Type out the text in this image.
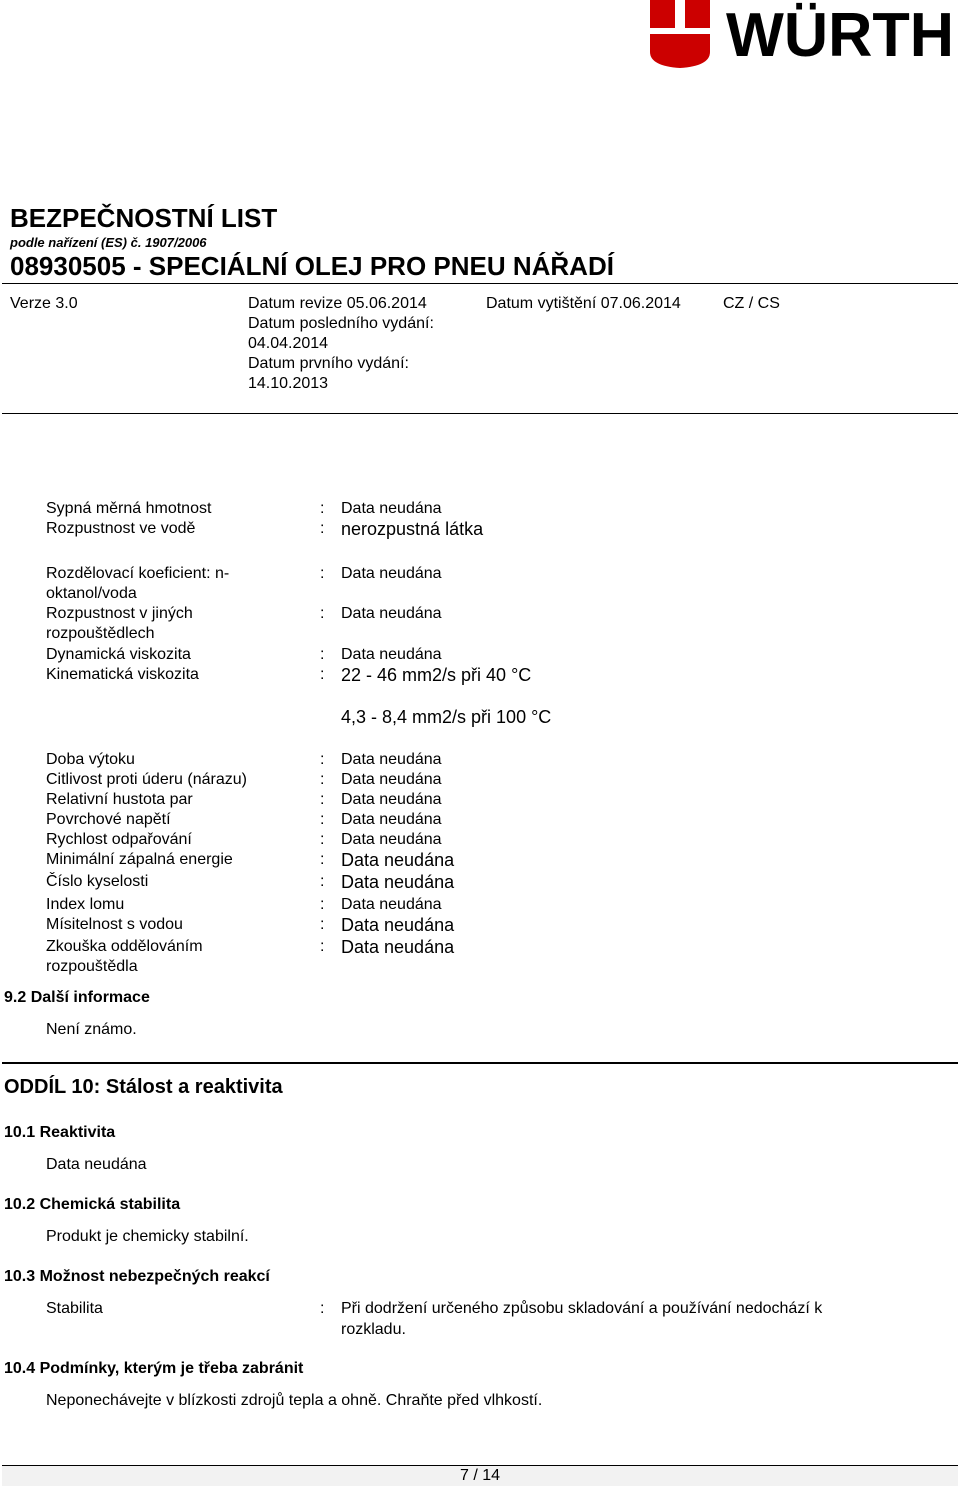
WÜRTH
BEZPEČNOSTNÍ LIST
podle nařízení (ES) č. 1907/2006
08930505 - SPECIÁLNÍ OLEJ PRO PNEU NÁŘADÍ
Verze 3.0	Datum revize 05.06.2014
Datum posledního vydání:
04.04.2014
Datum prvního vydání:
14.10.2013
Datum vytištění 07.06.2014	CZ / CS
Sypná měrná hmotnost	: Data neudána
Rozpustnost ve vodě	: nerozpustná látka
Rozdělovací koeficient: n-oktanol/voda
: Data neudána
Rozpustnost v jiných rozpouštědlech
: Data neudána
Dynamická viskozita	: Data neudána
Kinematická viskozita	: 22 - 46 mm2/s při 40 °C
4,3 - 8,4 mm2/s při 100 °C
Doba výtoku	: Data neudána
Citlivost proti úderu (nárazu)	: Data neudána
Relativní hustota par	: Data neudána
Povrchové napětí	: Data neudána
Rychlost odpařování	: Data neudána
Minimální zápalná energie	: Data neudána
Číslo kyselosti	: Data neudána
Index lomu	: Data neudána
Mísitelnost s vodou	: Data neudána
Zkouška oddělováním rozpouštědla
: Data neudána
9.2 Další informace
Není známo.
ODDÍL 10: Stálost a reaktivita
10.1 Reaktivita
Data neudána
10.2 Chemická stabilita
Produkt je chemicky stabilní.
10.3 Možnost nebezpečných reakcí
Stabilita	: Při dodržení určeného způsobu skladování a používání nedochází k
rozkladu.
10.4 Podmínky, kterým je třeba zabránit
Neponechávejte v blízkosti zdrojů tepla a ohně. Chraňte před vlhkostí.
7 / 14
